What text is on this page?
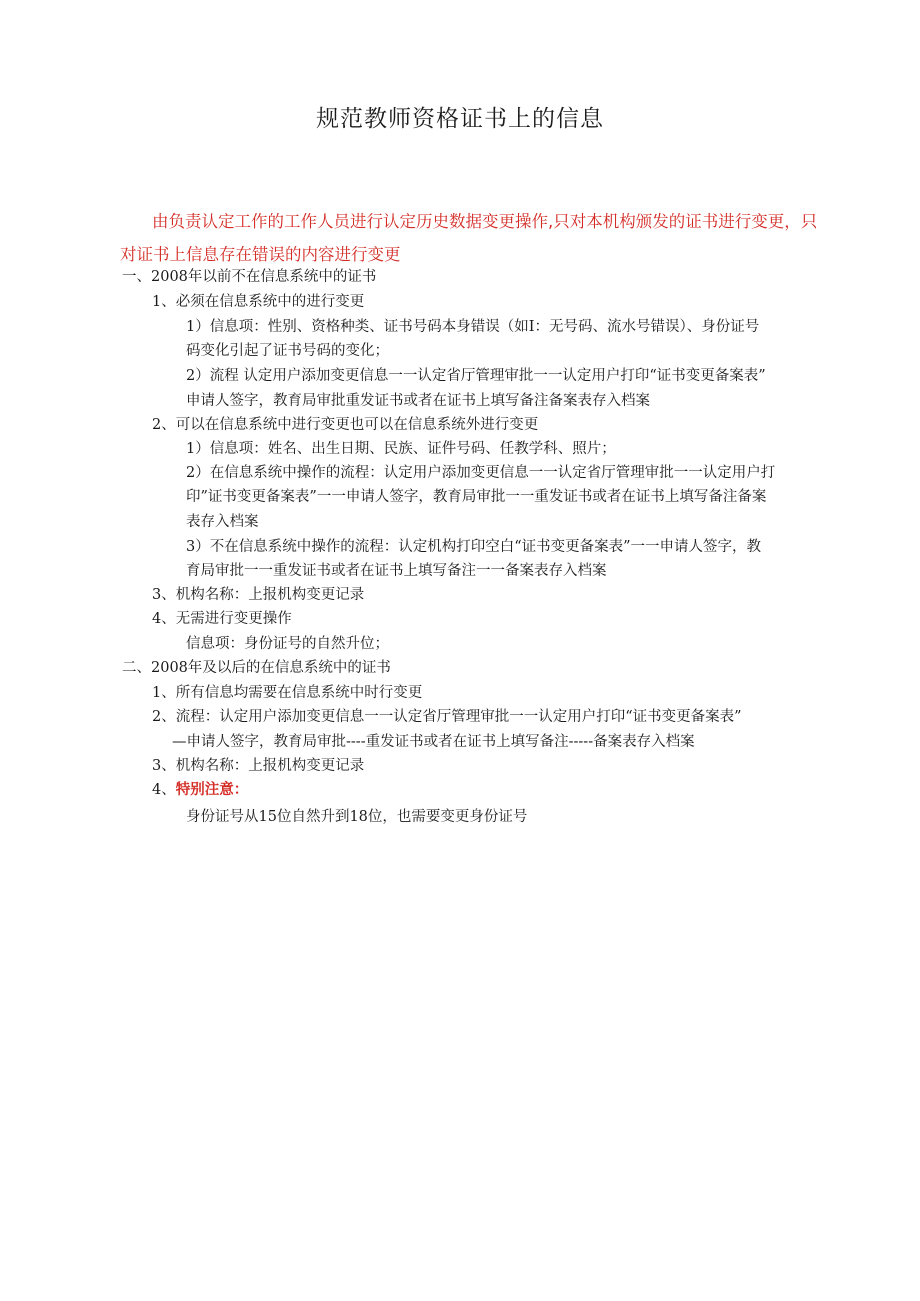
规范教师资格证书上的信息
由负责认定工作的工作人员进行认定历史数据变更操作,只对本机构颁发的证书进行变更，只对证书上信息存在错误的内容进行变更
一、2008年以前不在信息系统中的证书
1、必须在信息系统中的进行变更
1）信息项：性别、资格种类、证书号码本身错误（如Ⅰ：无号码、流水号错误）、身份证号
码变化引起了证书号码的变化；
2）流程 认定用户添加变更信息一一认定省厅管理审批一一认定用户打印“证书变更备案表”
申请人签字，教育局审批重发证书或者在证书上填写备注备案表存入档案
2、可以在信息系统中进行变更也可以在信息系统外进行变更
1）信息项：姓名、出生日期、民族、证件号码、任教学科、照片；
2）在信息系统中操作的流程：认定用户添加变更信息一一认定省厅管理审批一一认定用户打
印”证书变更备案表”一一申请人签字，教育局审批一一重发证书或者在证书上填写备注备案
表存入档案
3）不在信息系统中操作的流程：认定机构打印空白“证书变更备案表”一一申请人签字，教
育局审批一一重发证书或者在证书上填写备注一一备案表存入档案
3、机构名称：上报机构变更记录
4、无需进行变更操作
信息项：身份证号的自然升位；
二、2008年及以后的在信息系统中的证书
1、所有信息均需要在信息系统中时行变更
2、流程：认定用户添加变更信息一一认定省厅管理审批一一认定用户打印“证书变更备案表”
—申请人签字，教育局审批----重发证书或者在证书上填写备注-----备案表存入档案
3、机构名称：上报机构变更记录
4、特别注意：
身份证号从15位自然升到18位，也需要变更身份证号
